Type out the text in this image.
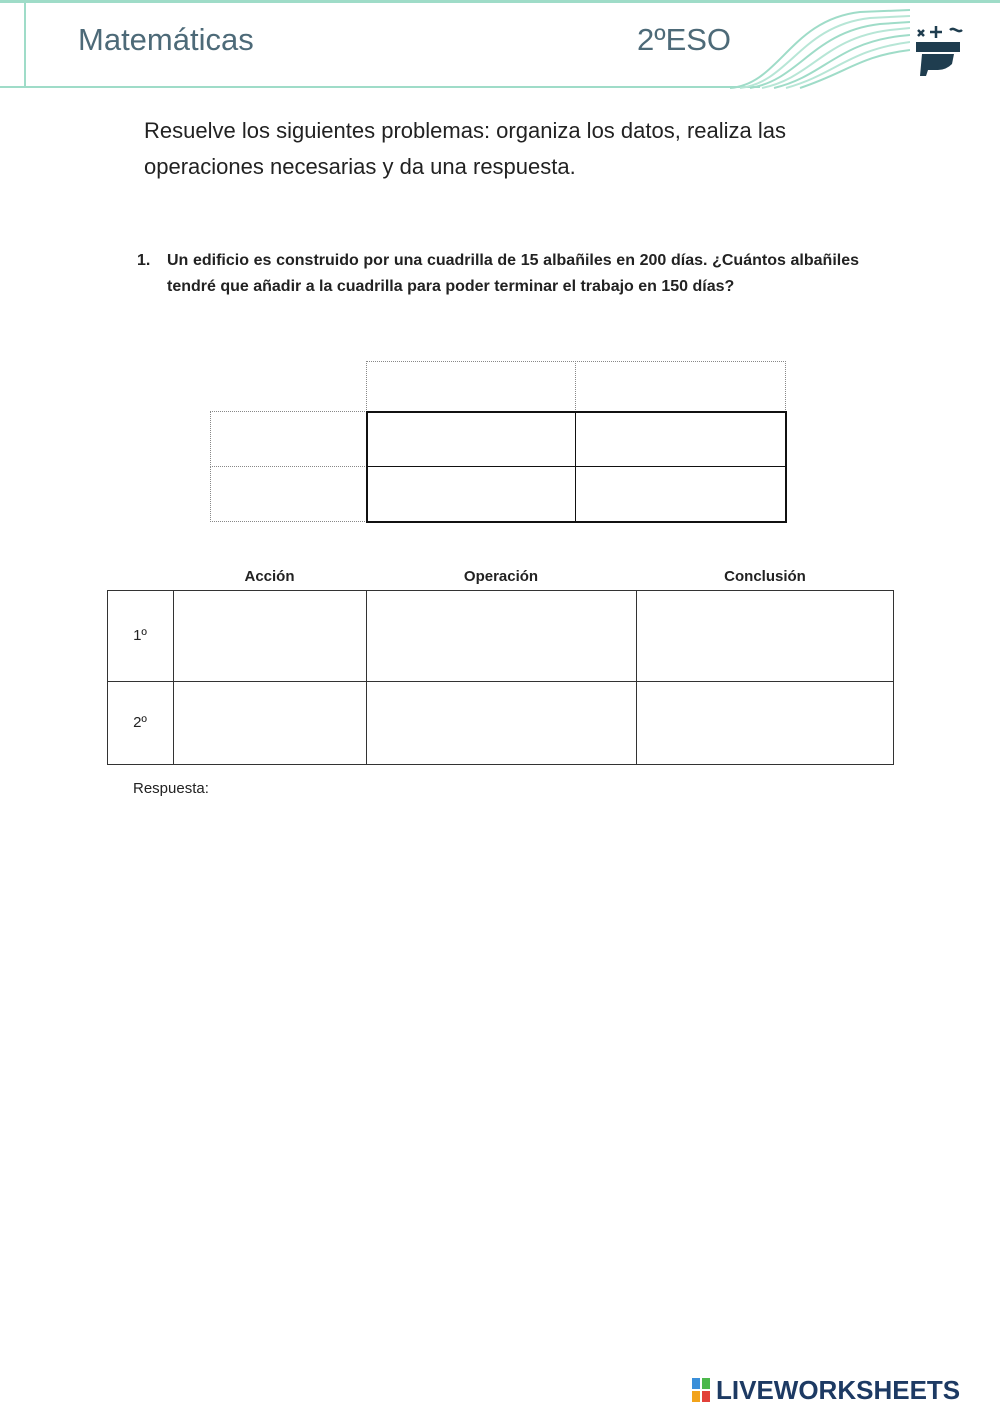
Matemáticas	2ºESO
Resuelve los siguientes problemas: organiza los datos, realiza las operaciones necesarias y da una respuesta.
1. Un edificio es construido por una cuadrilla de 15 albañiles en 200 días. ¿Cuántos albañiles tendré que añadir a la cuadrilla para poder terminar el trabajo en 150 días?
Acción	Operación	Conclusión
1º
2º
Respuesta:
LIVEWORKSHEETS
